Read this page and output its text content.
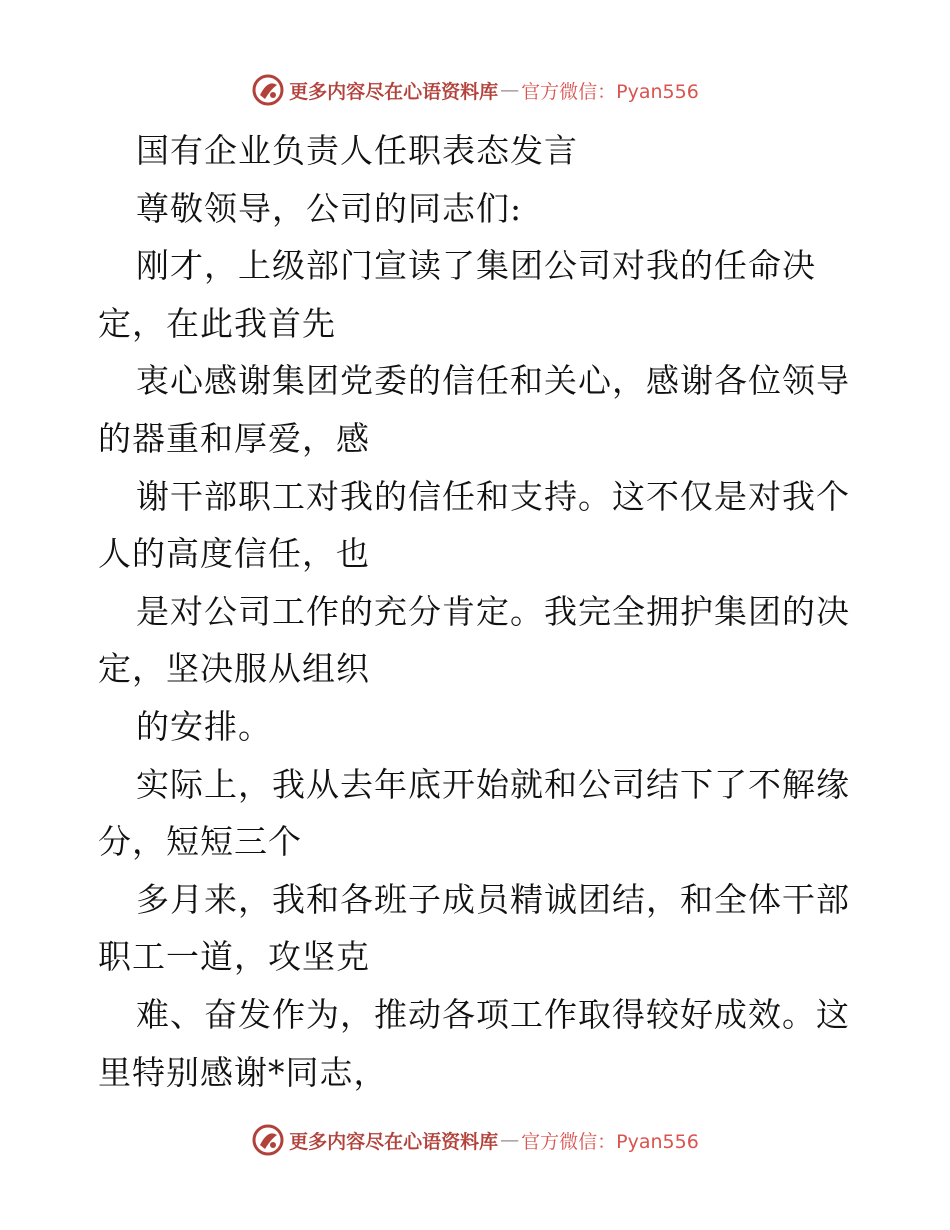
更多内容尽在心语资料库 — 官方微信：Pyan556
国有企业负责人任职表态发言
尊敬领导，公司的同志们:
刚才，上级部门宣读了集团公司对我的任命决
定，在此我首先
衷心感谢集团党委的信任和关心，感谢各位领导
的器重和厚爱，感
谢干部职工对我的信任和支持。这不仅是对我个
人的高度信任，也
是对公司工作的充分肯定。我完全拥护集团的决
定，坚决服从组织
的安排。
实际上，我从去年底开始就和公司结下了不解缘
分，短短三个
多月来，我和各班子成员精诚团结，和全体干部
职工一道，攻坚克
难、奋发作为，推动各项工作取得较好成效。这
里特别感谢*同志，
更多内容尽在心语资料库 — 官方微信：Pyan556
